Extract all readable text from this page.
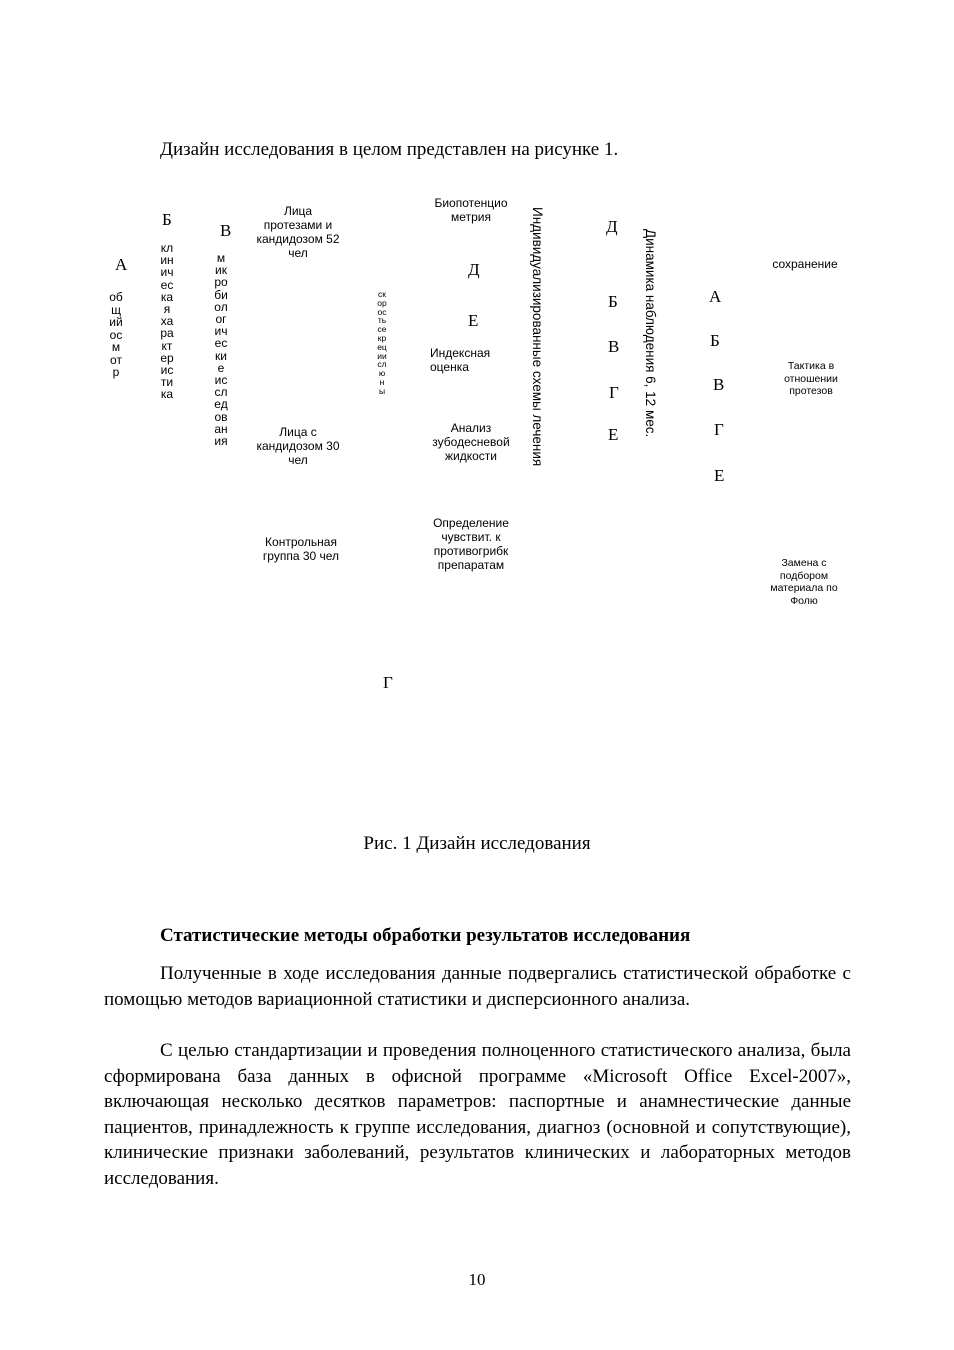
Дизайн исследования в целом представлен на рисунке 1.
А
общий осмотр
Б
клиническая характеристика
В
микробиологические исследования
Лица протезами и кандидозом 52 чел
Лица с кандидозом 30 чел
Контрольная группа 30 чел
скорость секреции слюны
Г
Биопотенцио метрия
Д
Е
Индексная оценка
Анализ зубодесневой жидкости
Определение чувствит. к противогрибк препаратам
Индивидуализированные схемы лечения	Д
Б
В
Г
Е Динамика наблюдения 6, 12 мес.	А
Б
В
Г
Е
сохранение
Тактика в отношении протезов
Замена с подбором материала по Фолю
Рис. 1 Дизайн исследования
Статистические методы обработки результатов исследования
Полученные в ходе исследования данные подвергались статистической обработке с помощью методов вариационной статистики и дисперсионного анализа.
С целью стандартизации и проведения полноценного статистического анализа, была сформирована база данных в офисной программе «Microsoft Office Excel-2007», включающая несколько десятков параметров: паспортные и анамнестические данные пациентов, принадлежность к группе исследования, диагноз (основной и сопутствующие), клинические признаки заболеваний, результатов клинических и лабораторных методов исследования.
10
